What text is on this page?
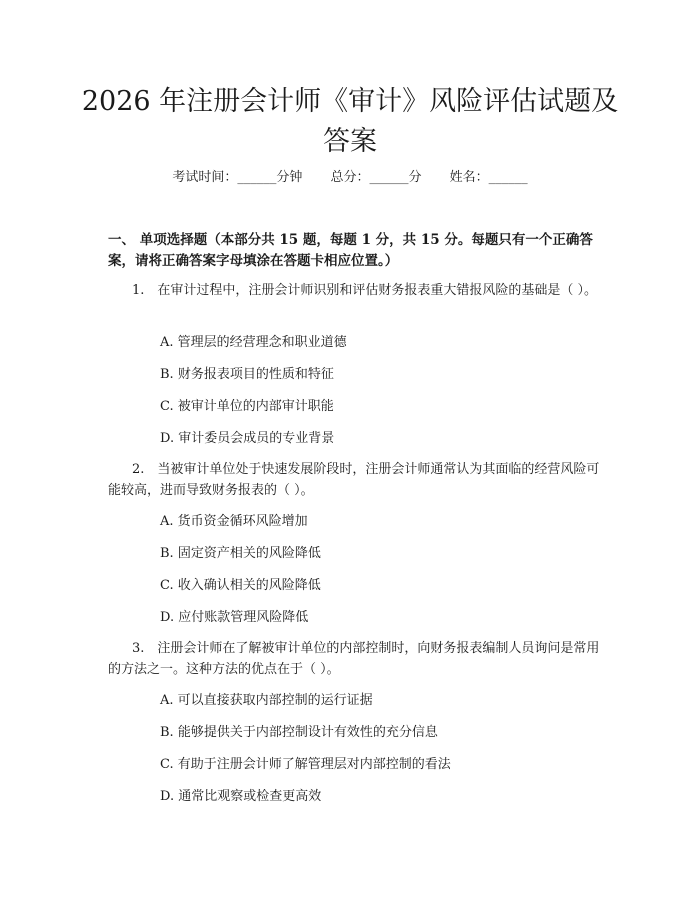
2026 年注册会计师《审计》风险评估试题及
答案
考试时间：______分钟 总分：______分 姓名：______
一、 单项选择题（本部分共 15 题，每题 1 分，共 15 分。每题只有一个正确答案，请将正确答案字母填涂在答题卡相应位置。）

1.　在审计过程中，注册会计师识别和评估财务报表重大错报风险的基础是（ ）。

A. 管理层的经营理念和职业道德
B. 财务报表项目的性质和特征
C. 被审计单位的内部审计职能
D. 审计委员会成员的专业背景

2.　当被审计单位处于快速发展阶段时，注册会计师通常认为其面临的经营风险可能较高，进而导致财务报表的（ ）。

A. 货币资金循环风险增加
B. 固定资产相关的风险降低
C. 收入确认相关的风险降低
D. 应付账款管理风险降低

3.　注册会计师在了解被审计单位的内部控制时，向财务报表编制人员询问是常用的方法之一。这种方法的优点在于（ ）。

A. 可以直接获取内部控制的运行证据
B. 能够提供关于内部控制设计有效性的充分信息
C. 有助于注册会计师了解管理层对内部控制的看法
D. 通常比观察或检查更高效
